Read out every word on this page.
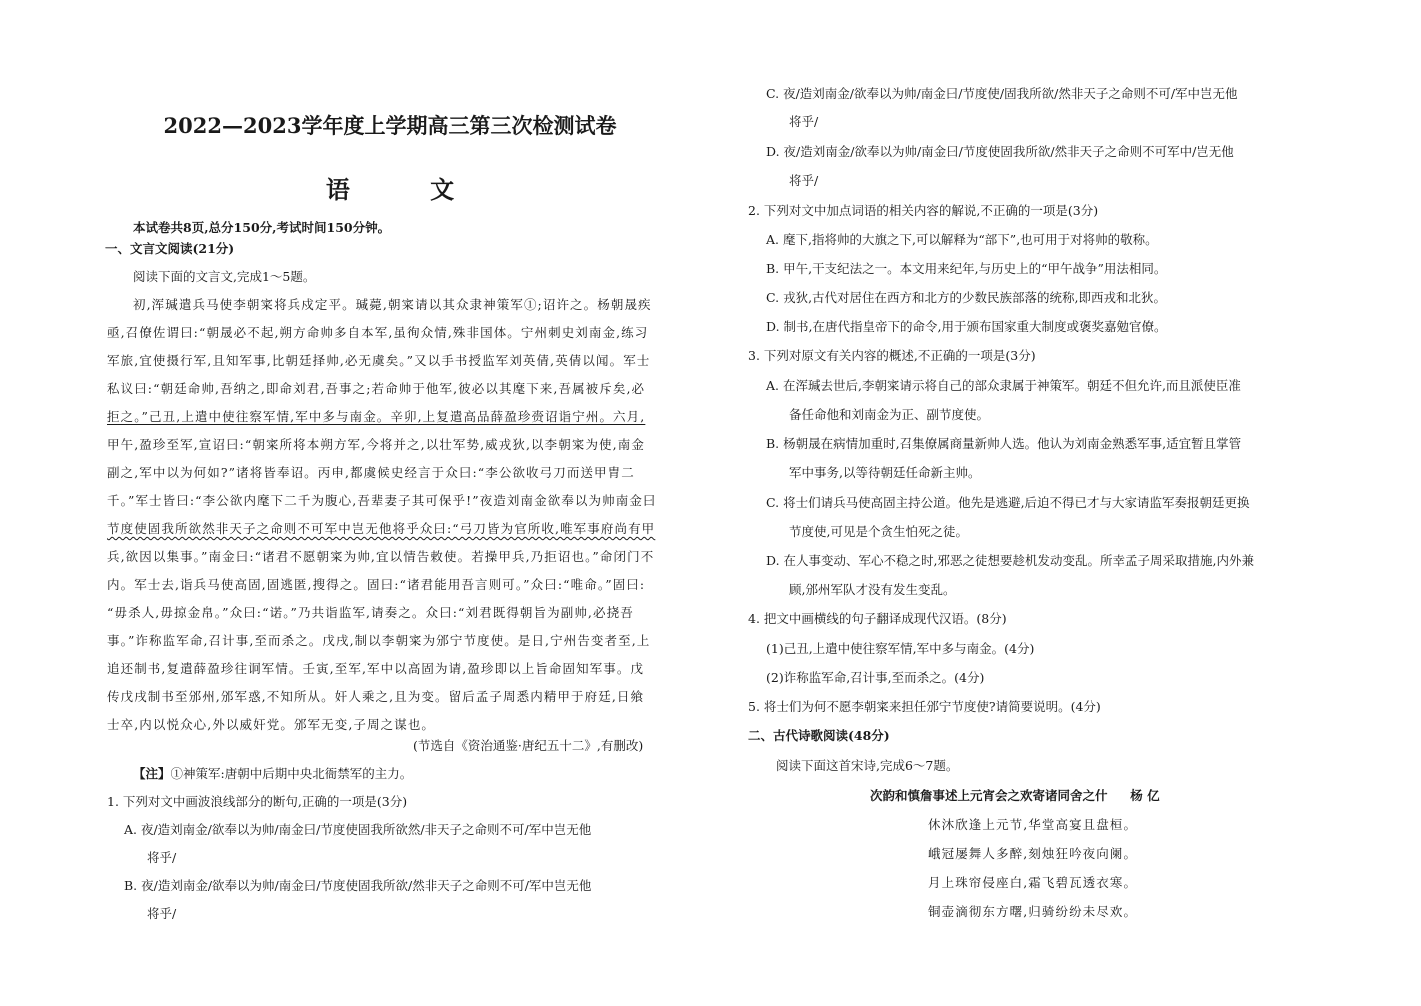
2022—2023学年度上学期高三第三次检测试卷
语 文
本试卷共8页,总分150分,考试时间150分钟。
一、文言文阅读(21分)
阅读下面的文言文,完成1～5题。
初,浑瑊遣兵马使李朝寀将兵戍定平。瑊薨,朝寀请以其众隶神策军①;诏许之。杨朝晟疾
亟,召僚佐谓曰:“朝晟必不起,朔方命帅多自本军,虽徇众情,殊非国体。宁州刺史刘南金,练习
军旅,宜使摄行军,且知军事,比朝廷择帅,必无虞矣。”又以手书授监军刘英倩,英倩以闻。军士
私议曰:“朝廷命帅,吾纳之,即命刘君,吾事之;若命帅于他军,彼必以其麾下来,吾属被斥矣,必
拒之。”己丑,上遣中使往察军情,军中多与南金。辛卯,上复遣高品薛盈珍赍诏诣宁州。六月,
甲午,盈珍至军,宣诏曰:“朝寀所将本朔方军,今将并之,以壮军势,威戎狄,以李朝寀为使,南金
副之,军中以为何如?”诸将皆奉诏。丙申,都虞候史经言于众曰:“李公欲收弓刀而送甲胄二
千。”军士皆曰:“李公欲内麾下二千为腹心,吾辈妻子其可保乎!”夜造刘南金欲奉以为帅南金曰
节度使固我所欲然非天子之命则不可军中岂无他将乎众曰:“弓刀皆为官所收,唯军事府尚有甲
兵,欲因以集事。”南金曰:“诸君不愿朝寀为帅,宜以情告敕使。若操甲兵,乃拒诏也。”命闭门不
内。军士去,诣兵马使高固,固逃匿,搜得之。固曰:“诸君能用吾言则可。”众曰:“唯命。”固曰:
“毋杀人,毋掠金帛。”众曰:“诺。”乃共诣监军,请奏之。众曰:“刘君既得朝旨为副帅,必挠吾
事。”诈称监军命,召计事,至而杀之。戊戌,制以李朝寀为邠宁节度使。是日,宁州告变者至,上
追还制书,复遣薛盈珍往诇军情。壬寅,至军,军中以高固为请,盈珍即以上旨命固知军事。戊
传戊戌制书至邠州,邠军惑,不知所从。奸人乘之,且为变。留后孟子周悉内精甲于府廷,日飨
士卒,内以悦众心,外以威奸党。邠军无变,子周之谋也。
(节选自《资治通鉴·唐纪五十二》,有删改)
【注】①神策军:唐朝中后期中央北衙禁军的主力。
1. 下列对文中画波浪线部分的断句,正确的一项是(3分)
A. 夜/造刘南金/欲奉以为帅/南金曰/节度使固我所欲然/非天子之命则不可/军中岂无他
将乎/
B. 夜/造刘南金/欲奉以为帅/南金曰/节度使固我所欲/然非天子之命则不可/军中岂无他
将乎/
C. 夜/造刘南金/欲奉以为帅/南金曰/节度使/固我所欲/然非天子之命则不可/军中岂无他
将乎/
D. 夜/造刘南金/欲奉以为帅/南金曰/节度使固我所欲/然非天子之命则不可军中/岂无他
将乎/
2. 下列对文中加点词语的相关内容的解说,不正确的一项是(3分)
A. 麾下,指将帅的大旗之下,可以解释为“部下”,也可用于对将帅的敬称。
B. 甲午,干支纪法之一。本文用来纪年,与历史上的“甲午战争”用法相同。
C. 戎狄,古代对居住在西方和北方的少数民族部落的统称,即西戎和北狄。
D. 制书,在唐代指皇帝下的命令,用于颁布国家重大制度或褒奖嘉勉官僚。
3. 下列对原文有关内容的概述,不正确的一项是(3分)
A. 在浑瑊去世后,李朝寀请示将自己的部众隶属于神策军。朝廷不但允许,而且派使臣准
备任命他和刘南金为正、副节度使。
B. 杨朝晟在病情加重时,召集僚属商量新帅人选。他认为刘南金熟悉军事,适宜暂且掌管
军中事务,以等待朝廷任命新主帅。
C. 将士们请兵马使高固主持公道。他先是逃避,后迫不得已才与大家请监军奏报朝廷更换
节度使,可见是个贪生怕死之徒。
D. 在人事变动、军心不稳之时,邪恶之徒想要趁机发动变乱。所幸孟子周采取措施,内外兼
顾,邠州军队才没有发生变乱。
4. 把文中画横线的句子翻译成现代汉语。(8分)
(1)己丑,上遣中使往察军情,军中多与南金。(4分)
(2)诈称监军命,召计事,至而杀之。(4分)
5. 将士们为何不愿李朝寀来担任邠宁节度使?请简要说明。(4分)
二、古代诗歌阅读(48分)
阅读下面这首宋诗,完成6～7题。
次韵和慎詹事述上元宵会之欢寄诸同舍之什 杨 亿
休沐欣逢上元节,华堂高宴且盘桓。
峨冠屡舞人多醉,刻烛狂吟夜向阑。
月上珠帘侵座白,霜飞碧瓦透衣寒。
铜壶滴彻东方曙,归骑纷纷未尽欢。
